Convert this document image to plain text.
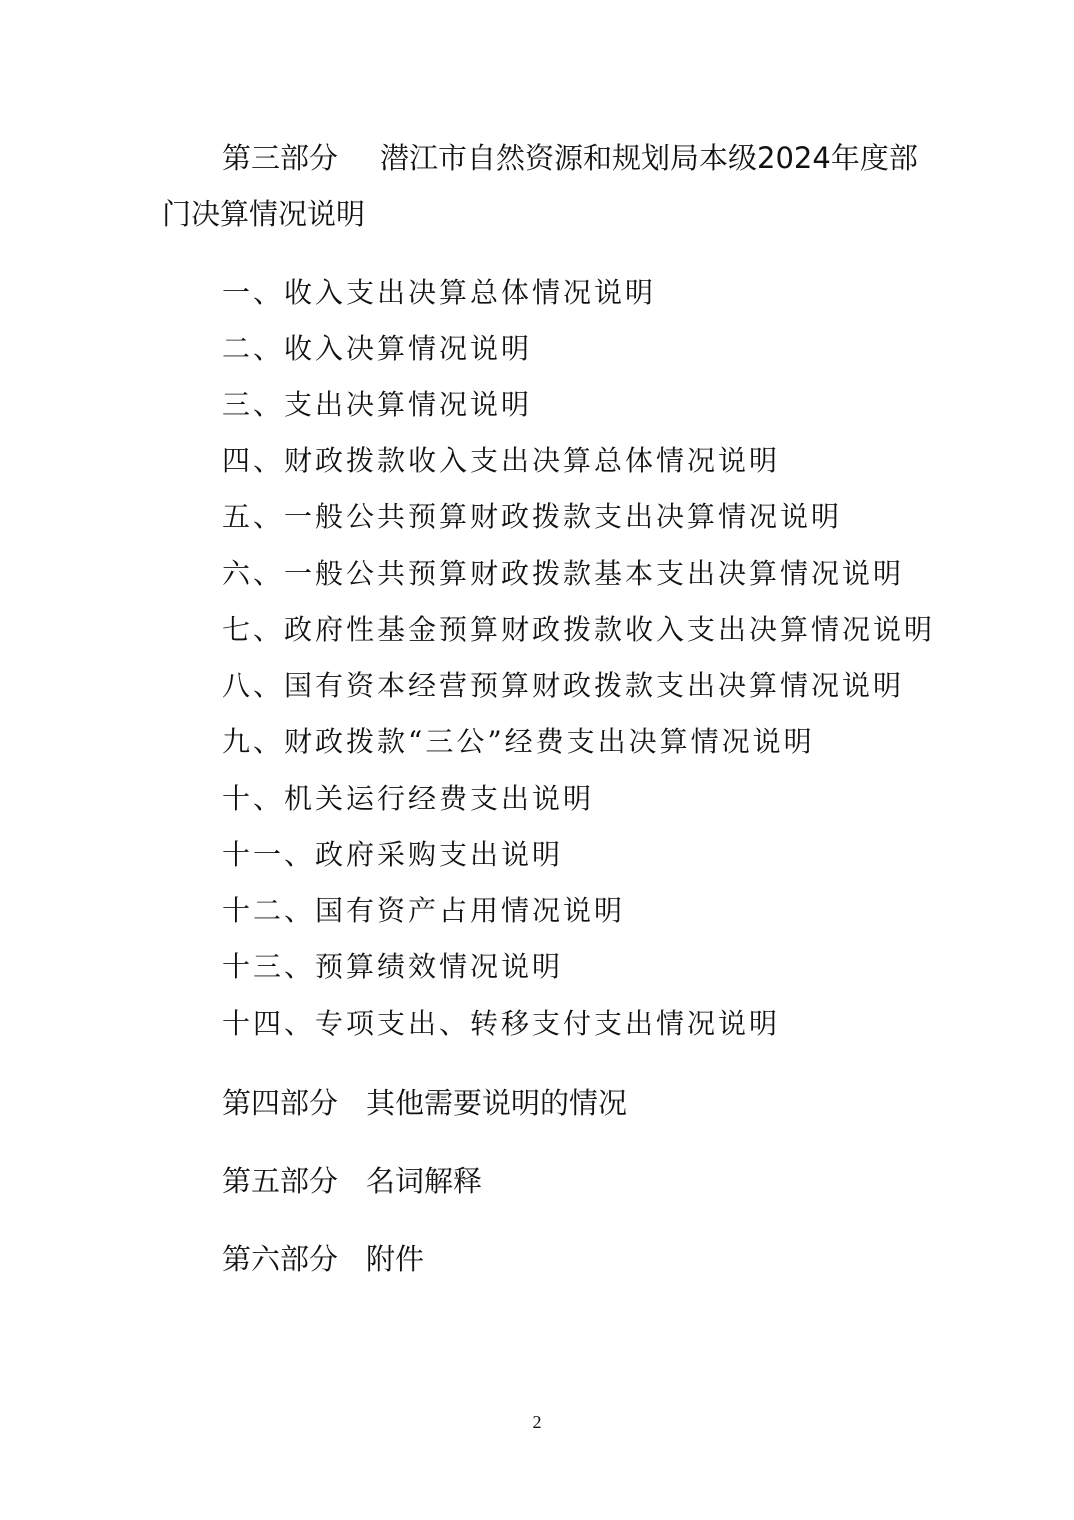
第三部分 潜江市自然资源和规划局本级2024年度部
门决算情况说明
一、收入支出决算总体情况说明
二、收入决算情况说明
三、支出决算情况说明
四、财政拨款收入支出决算总体情况说明
五、一般公共预算财政拨款支出决算情况说明
六、一般公共预算财政拨款基本支出决算情况说明
七、政府性基金预算财政拨款收入支出决算情况说明
八、国有资本经营预算财政拨款支出决算情况说明
九、财政拨款“三公”经费支出决算情况说明
十、机关运行经费支出说明
十一、政府采购支出说明
十二、国有资产占用情况说明
十三、预算绩效情况说明
十四、专项支出、转移支付支出情况说明
第四部分 其他需要说明的情况
第五部分 名词解释
第六部分 附件
2
